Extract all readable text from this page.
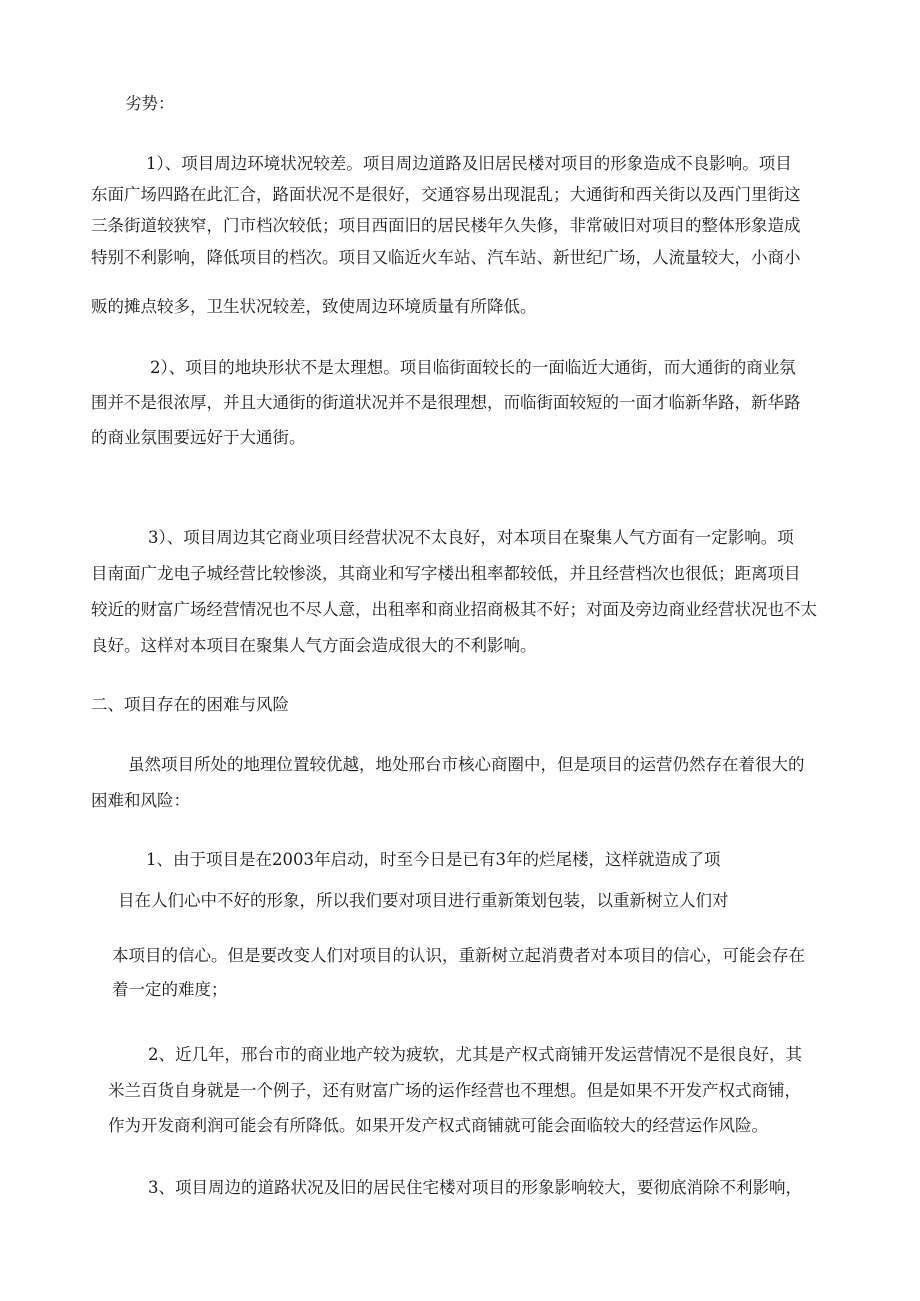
劣势：
1）、项目周边环境状况较差。项目周边道路及旧居民楼对项目的形象造成不良影响。项目
东面广场四路在此汇合，路面状况不是很好，交通容易出现混乱；大通街和西关街以及西门里街这
三条街道较狭窄，门市档次较低；项目西面旧的居民楼年久失修，非常破旧对项目的整体形象造成
特别不利影响，降低项目的档次。项目又临近火车站、汽车站、新世纪广场，人流量较大，小商小
贩的摊点较多，卫生状况较差，致使周边环境质量有所降低。
2）、项目的地块形状不是太理想。项目临街面较长的一面临近大通街，而大通街的商业氛
围并不是很浓厚，并且大通街的街道状况并不是很理想，而临街面较短的一面才临新华路，新华路
的商业氛围要远好于大通街。
3）、项目周边其它商业项目经营状况不太良好，对本项目在聚集人气方面有一定影响。项
目南面广龙电子城经营比较惨淡，其商业和写字楼出租率都较低，并且经营档次也很低；距离项目
较近的财富广场经营情况也不尽人意，出租率和商业招商极其不好；对面及旁边商业经营状况也不太
良好。这样对本项目在聚集人气方面会造成很大的不利影响。
二、项目存在的困难与风险
虽然项目所处的地理位置较优越，地处邢台市核心商圈中，但是项目的运营仍然存在着很大的
困难和风险：
1、由于项目是在2003年启动，时至今日是已有3年的烂尾楼，这样就造成了项
目在人们心中不好的形象，所以我们要对项目进行重新策划包装，以重新树立人们对
本项目的信心。但是要改变人们对项目的认识，重新树立起消费者对本项目的信心，可能会存在
着一定的难度；
2、近几年，邢台市的商业地产较为疲软，尤其是产权式商铺开发运营情况不是很良好，其
米兰百货自身就是一个例子，还有财富广场的运作经营也不理想。但是如果不开发产权式商铺，
作为开发商利润可能会有所降低。如果开发产权式商铺就可能会面临较大的经营运作风险。
3、项目周边的道路状况及旧的居民住宅楼对项目的形象影响较大，要彻底消除不利影响，
